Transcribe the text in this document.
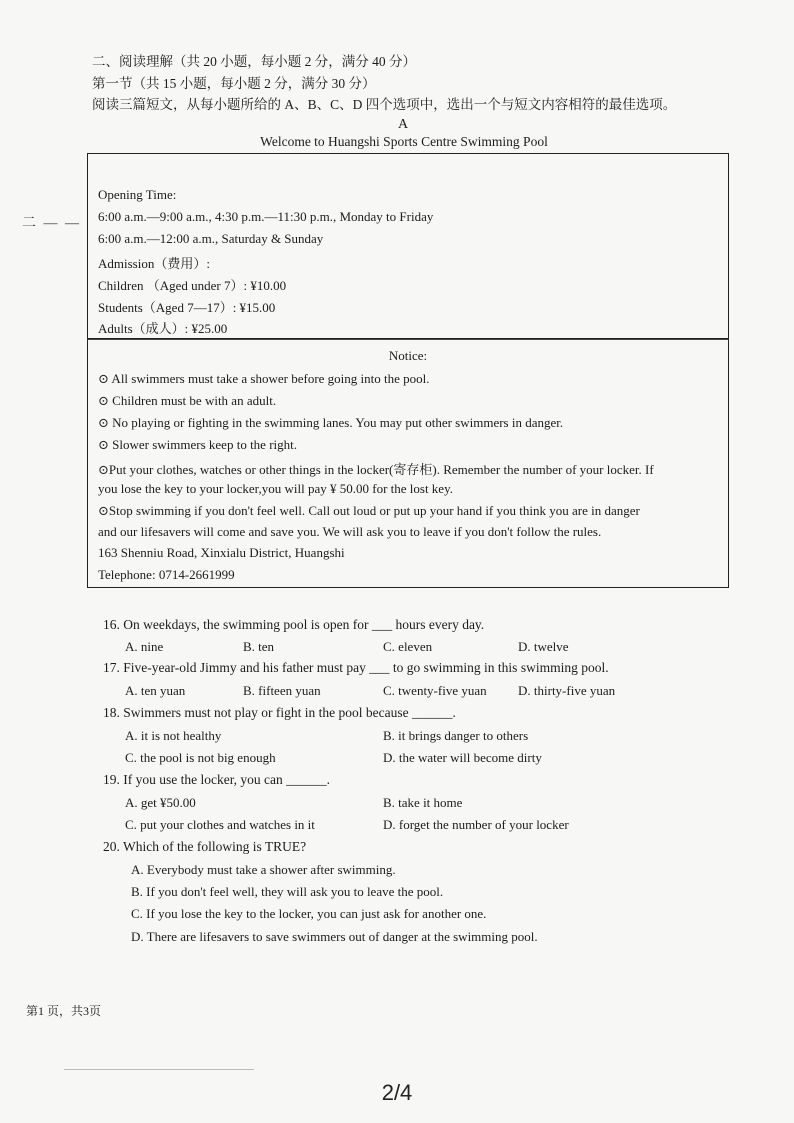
二、阅读理解（共 20 小题，每小题 2 分，满分 40 分）
第一节（共 15 小题，每小题 2 分，满分 30 分）
阅读三篇短文，从每小题所给的 A、B、C、D 四个选项中，选出一个与短文内容相符的最佳选项。
A
Welcome to Huangshi Sports Centre Swimming Pool
二 — —
Opening Time:
6:00 a.m.—9:00 a.m., 4:30 p.m.—11:30 p.m., Monday to Friday
6:00 a.m.—12:00 a.m., Saturday & Sunday
Admission（费用）:
Children （Aged under 7）: ¥10.00
Students（Aged 7—17）: ¥15.00
Adults（成人）: ¥25.00
Notice:
⊙ All swimmers must take a shower before going into the pool.
⊙ Children must be with an adult.
⊙ No playing or fighting in the swimming lanes. You may put other swimmers in danger.
⊙ Slower swimmers keep to the right.
⊙Put your clothes, watches or other things in the locker(寄存柜). Remember the number of your locker. If
you lose the key to your locker,you will pay ¥ 50.00 for the lost key.
⊙Stop swimming if you don't feel well. Call out loud or put up your hand if you think you are in danger
and our lifesavers will come and save you. We will ask you to leave if you don't follow the rules.
163 Shenniu Road, Xinxialu District, Huangshi
Telephone: 0714-2661999
16. On weekdays, the swimming pool is open for ___ hours every day.
A. nine	B. ten	C. eleven	D. twelve
17. Five-year-old Jimmy and his father must pay ___ to go swimming in this swimming pool.
A. ten yuan	B. fifteen yuan	C. twenty-five yuan D. thirty-five yuan
18. Swimmers must not play or fight in the pool because ______.
A. it is not healthy	B. it brings danger to others
C. the pool is not big enough	D. the water will become dirty
19. If you use the locker, you can ______.
A. get ¥50.00	B. take it home
C. put your clothes and watches in it	D. forget the number of your locker
20. Which of the following is TRUE?
A. Everybody must take a shower after swimming.
B. If you don't feel well, they will ask you to leave the pool.
C. If you lose the key to the locker, you can just ask for another one.
D. There are lifesavers to save swimmers out of danger at the swimming pool.
第1 页，共3页
2/4
